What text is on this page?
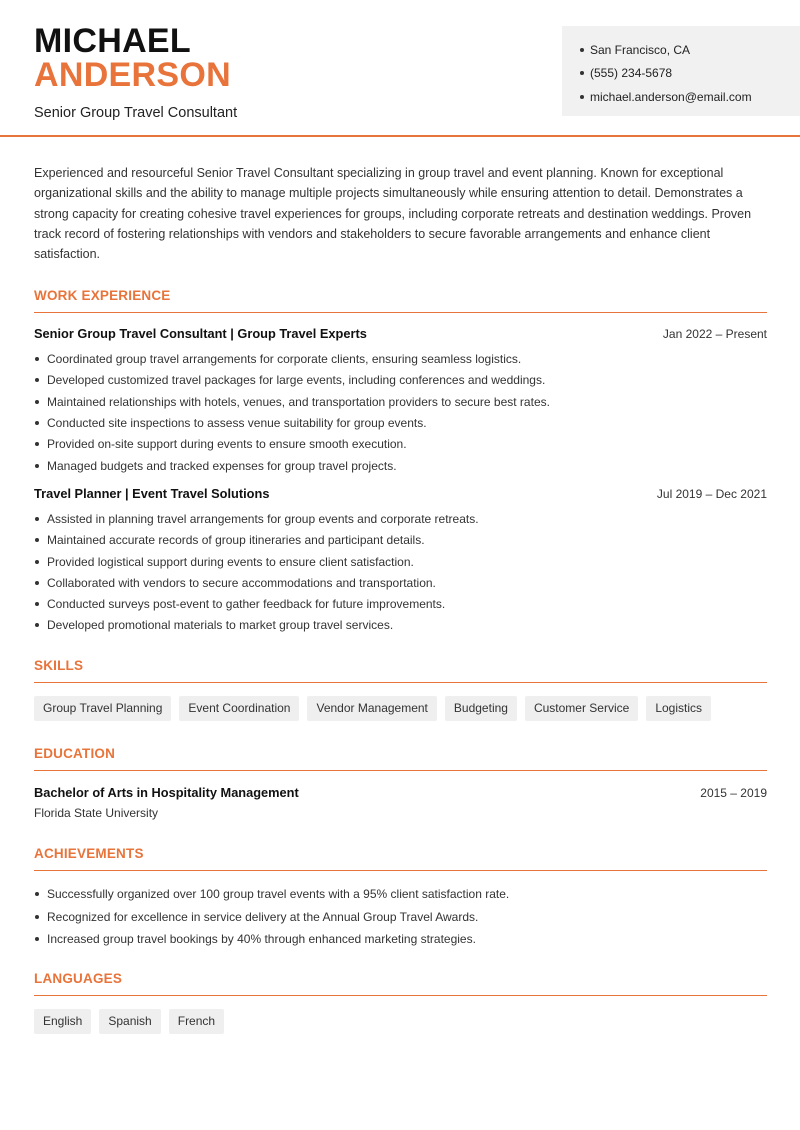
MICHAEL
ANDERSON
Senior Group Travel Consultant
San Francisco, CA
(555) 234-5678
michael.anderson@email.com

Experienced and resourceful Senior Travel Consultant specializing in group travel and event planning. Known for exceptional organizational skills and the ability to manage multiple projects simultaneously while ensuring attention to detail. Demonstrates a strong capacity for creating cohesive travel experiences for groups, including corporate retreats and destination weddings. Proven track record of fostering relationships with vendors and stakeholders to secure favorable arrangements and enhance client satisfaction.

WORK EXPERIENCE
Senior Group Travel Consultant | Group Travel Experts	Jan 2022 – Present
Coordinated group travel arrangements for corporate clients, ensuring seamless logistics.
Developed customized travel packages for large events, including conferences and weddings.
Maintained relationships with hotels, venues, and transportation providers to secure best rates.
Conducted site inspections to assess venue suitability for group events.
Provided on-site support during events to ensure smooth execution.
Managed budgets and tracked expenses for group travel projects.
Travel Planner | Event Travel Solutions	Jul 2019 – Dec 2021
Assisted in planning travel arrangements for group events and corporate retreats.
Maintained accurate records of group itineraries and participant details.
Provided logistical support during events to ensure client satisfaction.
Collaborated with vendors to secure accommodations and transportation.
Conducted surveys post-event to gather feedback for future improvements.
Developed promotional materials to market group travel services.
SKILLS
Group Travel Planning	Event Coordination	Vendor Management	Budgeting	Customer Service	Logistics
EDUCATION
Bachelor of Arts in Hospitality Management	2015 – 2019
Florida State University
ACHIEVEMENTS
Successfully organized over 100 group travel events with a 95% client satisfaction rate.
Recognized for excellence in service delivery at the Annual Group Travel Awards.
Increased group travel bookings by 40% through enhanced marketing strategies.
LANGUAGES
English	Spanish	French
